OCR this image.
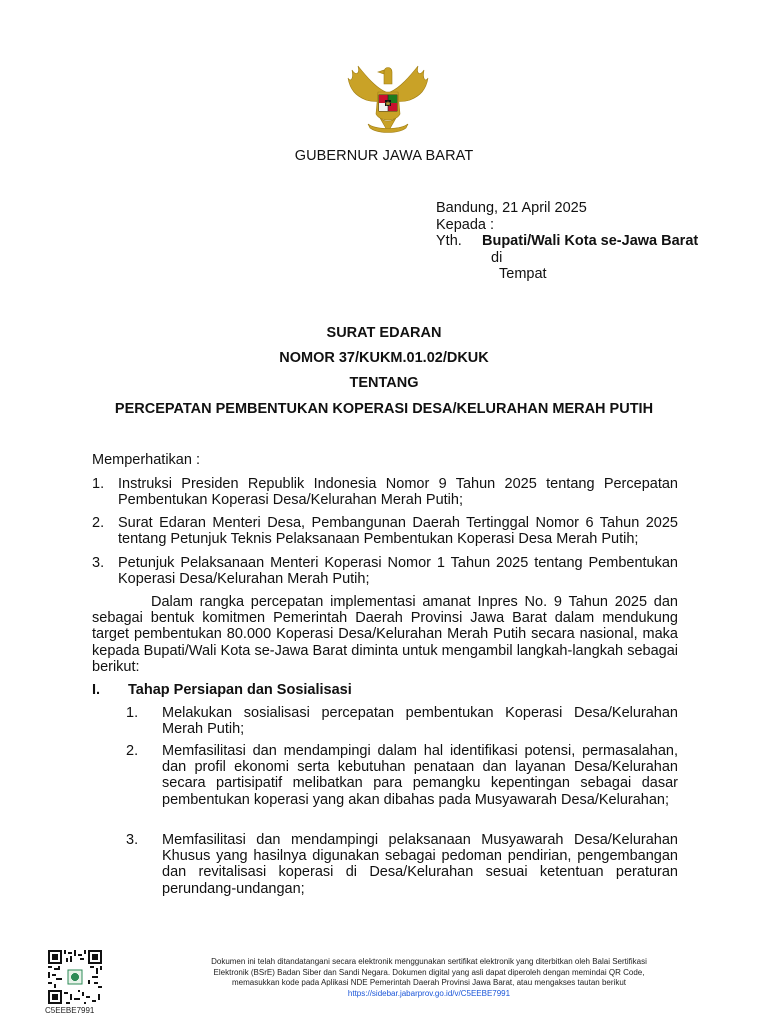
GUBERNUR JAWA BARAT
Bandung, 21 April 2025
Kepada :
Yth. Bupati/Wali Kota se-Jawa Barat
di
Tempat
SURAT EDARAN
NOMOR 37/KUKM.01.02/DKUK
TENTANG
PERCEPATAN PEMBENTUKAN KOPERASI DESA/KELURAHAN MERAH PUTIH
Memperhatikan :
1. Instruksi Presiden Republik Indonesia Nomor 9 Tahun 2025 tentang Percepatan Pembentukan Koperasi Desa/Kelurahan Merah Putih;
2. Surat Edaran Menteri Desa, Pembangunan Daerah Tertinggal Nomor 6 Tahun 2025 tentang Petunjuk Teknis Pelaksanaan Pembentukan Koperasi Desa Merah Putih;
3. Petunjuk Pelaksanaan Menteri Koperasi Nomor 1 Tahun 2025 tentang Pembentukan Koperasi Desa/Kelurahan Merah Putih;
Dalam rangka percepatan implementasi amanat Inpres No. 9 Tahun 2025 dan sebagai bentuk komitmen Pemerintah Daerah Provinsi Jawa Barat dalam mendukung target pembentukan 80.000 Koperasi Desa/Kelurahan Merah Putih secara nasional, maka kepada Bupati/Wali Kota se-Jawa Barat diminta untuk mengambil langkah-langkah sebagai berikut:
I. Tahap Persiapan dan Sosialisasi
1. Melakukan sosialisasi percepatan pembentukan Koperasi Desa/Kelurahan Merah Putih;
2. Memfasilitasi dan mendampingi dalam hal identifikasi potensi, permasalahan, dan profil ekonomi serta kebutuhan penataan dan layanan Desa/Kelurahan secara partisipatif melibatkan para pemangku kepentingan sebagai dasar pembentukan koperasi yang akan dibahas pada Musyawarah Desa/Kelurahan;
3. Memfasilitasi dan mendampingi pelaksanaan Musyawarah Desa/Kelurahan Khusus yang hasilnya digunakan sebagai pedoman pendirian, pengembangan dan revitalisasi koperasi di Desa/Kelurahan sesuai ketentuan peraturan perundang-undangan;
C5EEBE7991
Dokumen ini telah ditandatangani secara elektronik menggunakan sertifikat elektronik yang diterbitkan oleh Balai Sertifikasi
Elektronik (BSrE) Badan Siber dan Sandi Negara. Dokumen digital yang asli dapat diperoleh dengan memindai QR Code,
memasukkan kode pada Aplikasi NDE Pemerintah Daerah Provinsi Jawa Barat, atau mengakses tautan berikut
https://sidebar.jabarprov.go.id/v/C5EEBE7991
